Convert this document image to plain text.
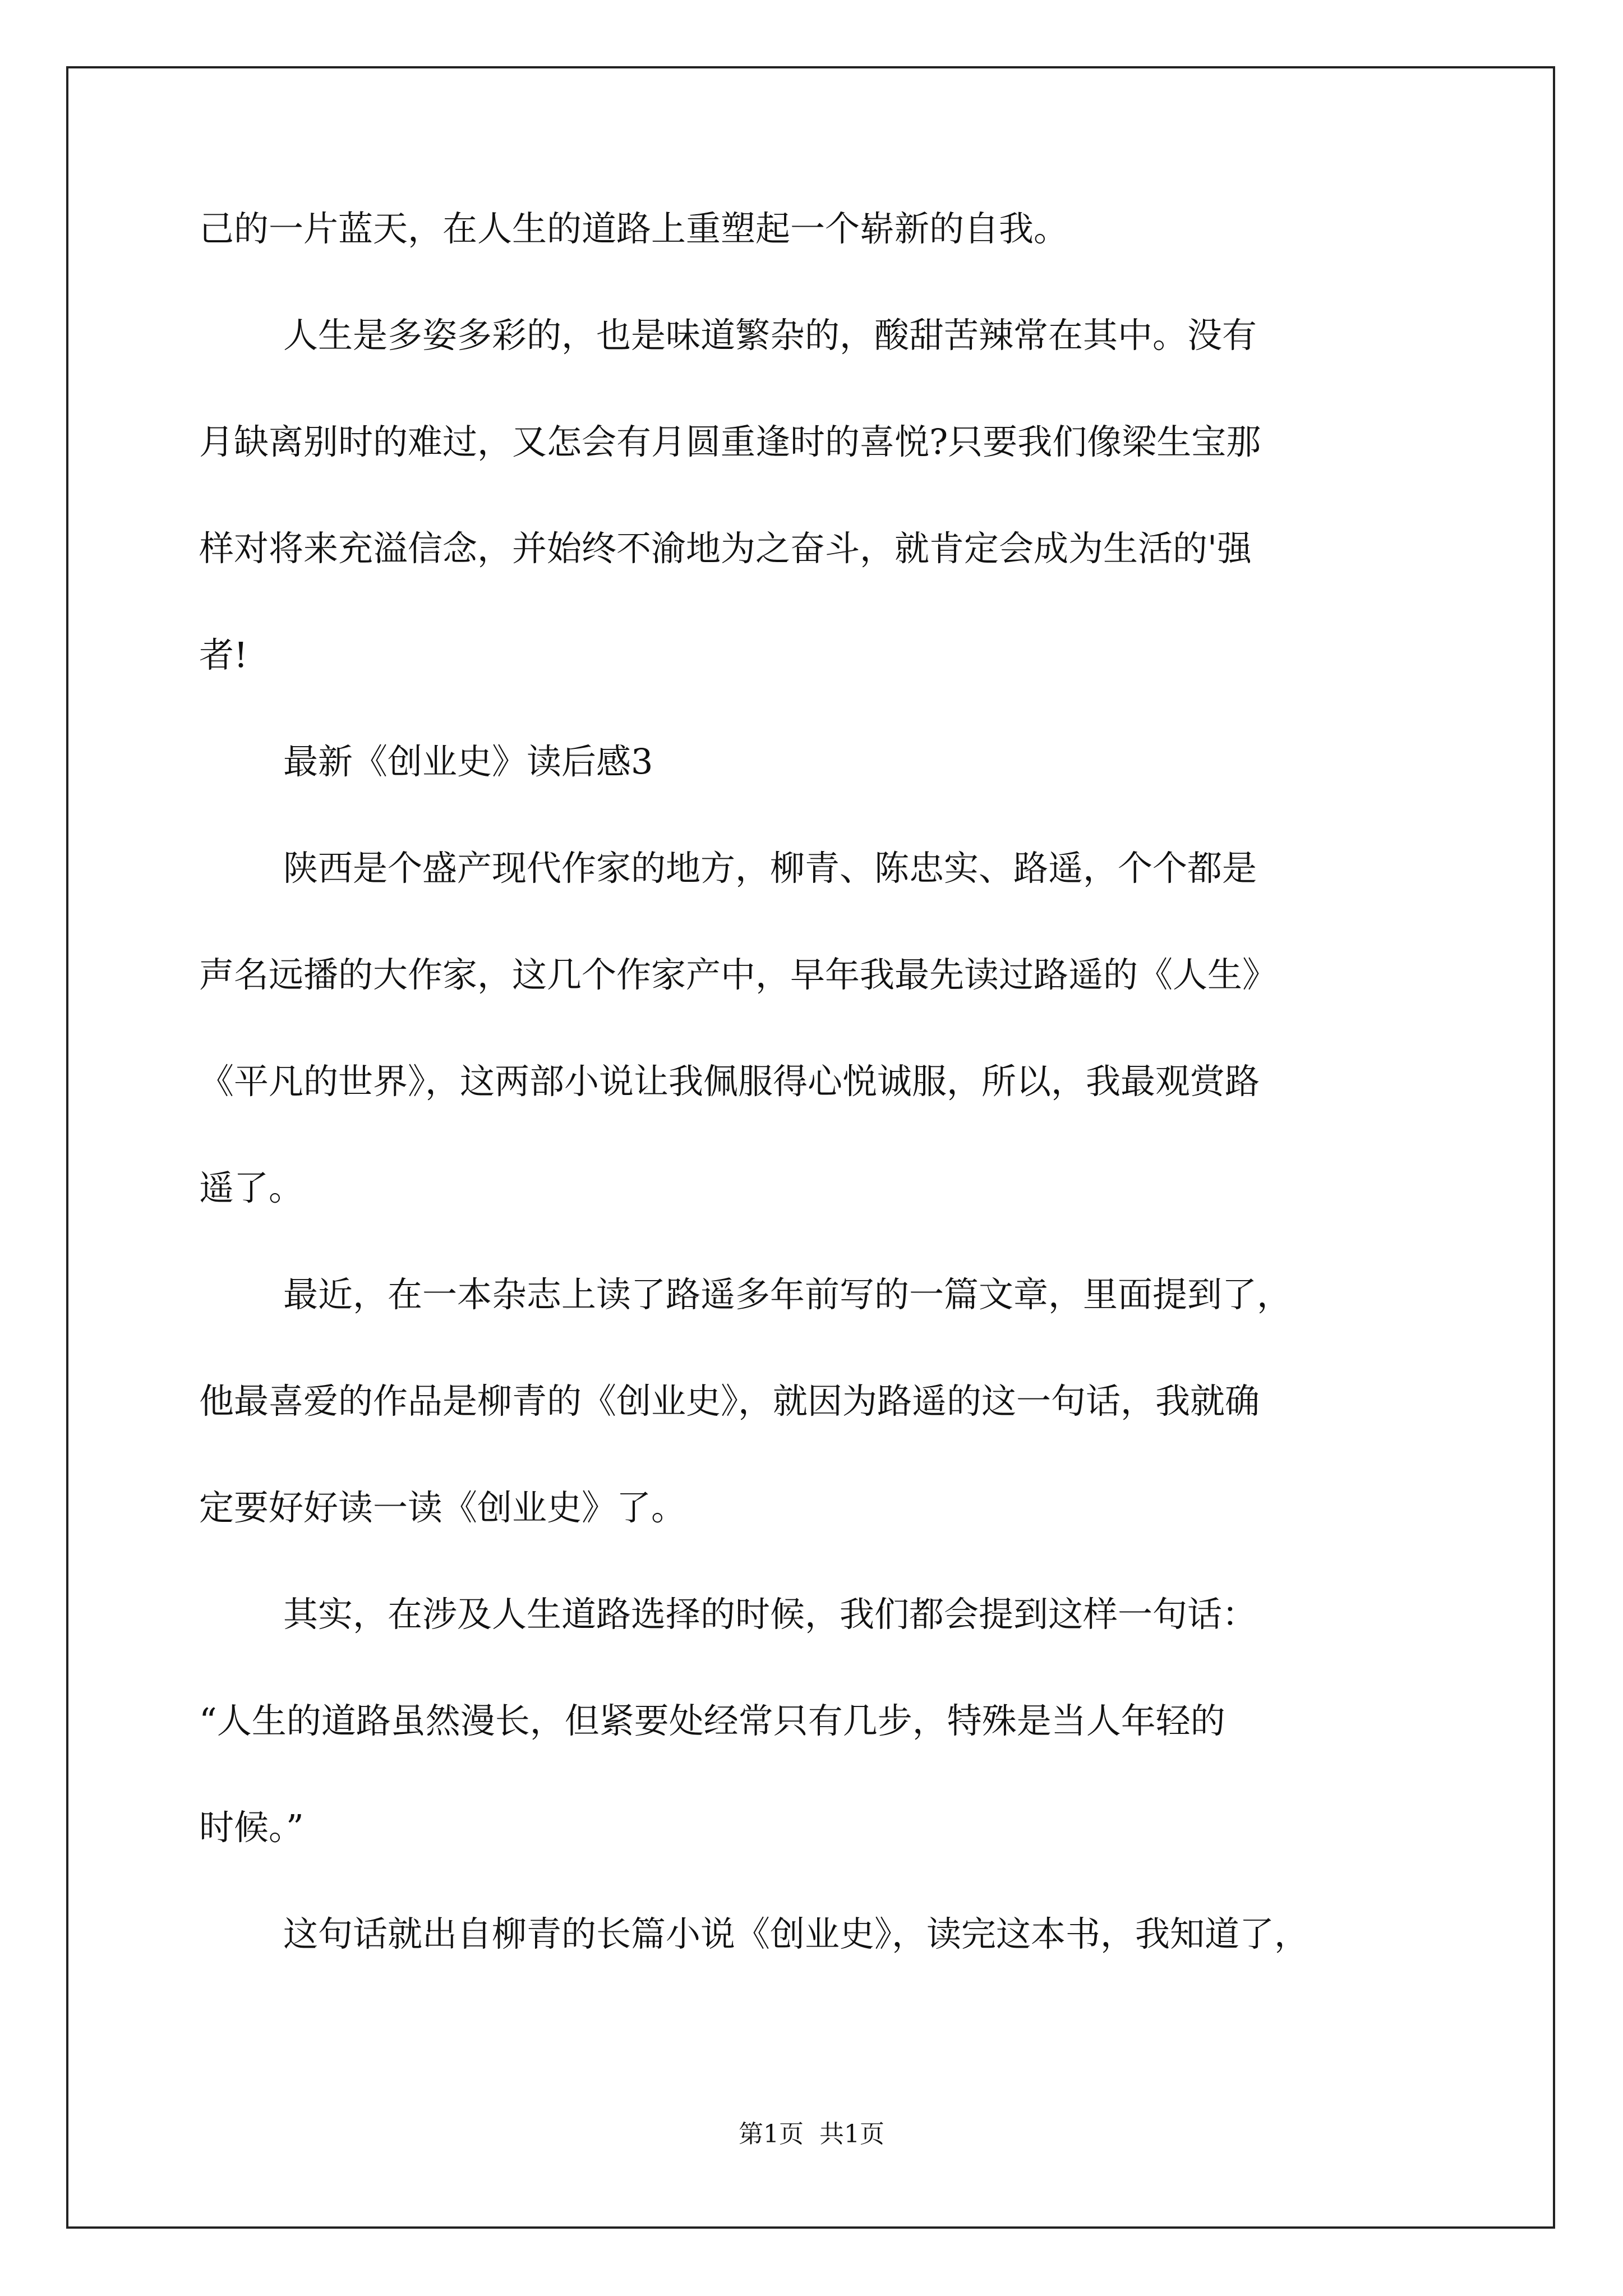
己的一片蓝天，在人生的道路上重塑起一个崭新的自我。

人生是多姿多彩的，也是味道繁杂的，酸甜苦辣常在其中。没有

月缺离别时的难过，又怎会有月圆重逢时的喜悦?只要我们像梁生宝那

样对将来充溢信念，并始终不渝地为之奋斗，就肯定会成为生活的'强

者!

最新《创业史》读后感3

陕西是个盛产现代作家的地方，柳青、陈忠实、路遥，个个都是

声名远播的大作家，这几个作家产中，早年我最先读过路遥的《人生》

《平凡的世界》，这两部小说让我佩服得心悦诚服，所以，我最观赏路

遥了。

最近，在一本杂志上读了路遥多年前写的一篇文章，里面提到了，

他最喜爱的作品是柳青的《创业史》，就因为路遥的这一句话，我就确

定要好好读一读《创业史》了。

其实，在涉及人生道路选择的时候，我们都会提到这样一句话：

“人生的道路虽然漫长，但紧要处经常只有几步，特殊是当人年轻的

时候。”

这句话就出自柳青的长篇小说《创业史》，读完这本书，我知道了，

第1页  共1页
